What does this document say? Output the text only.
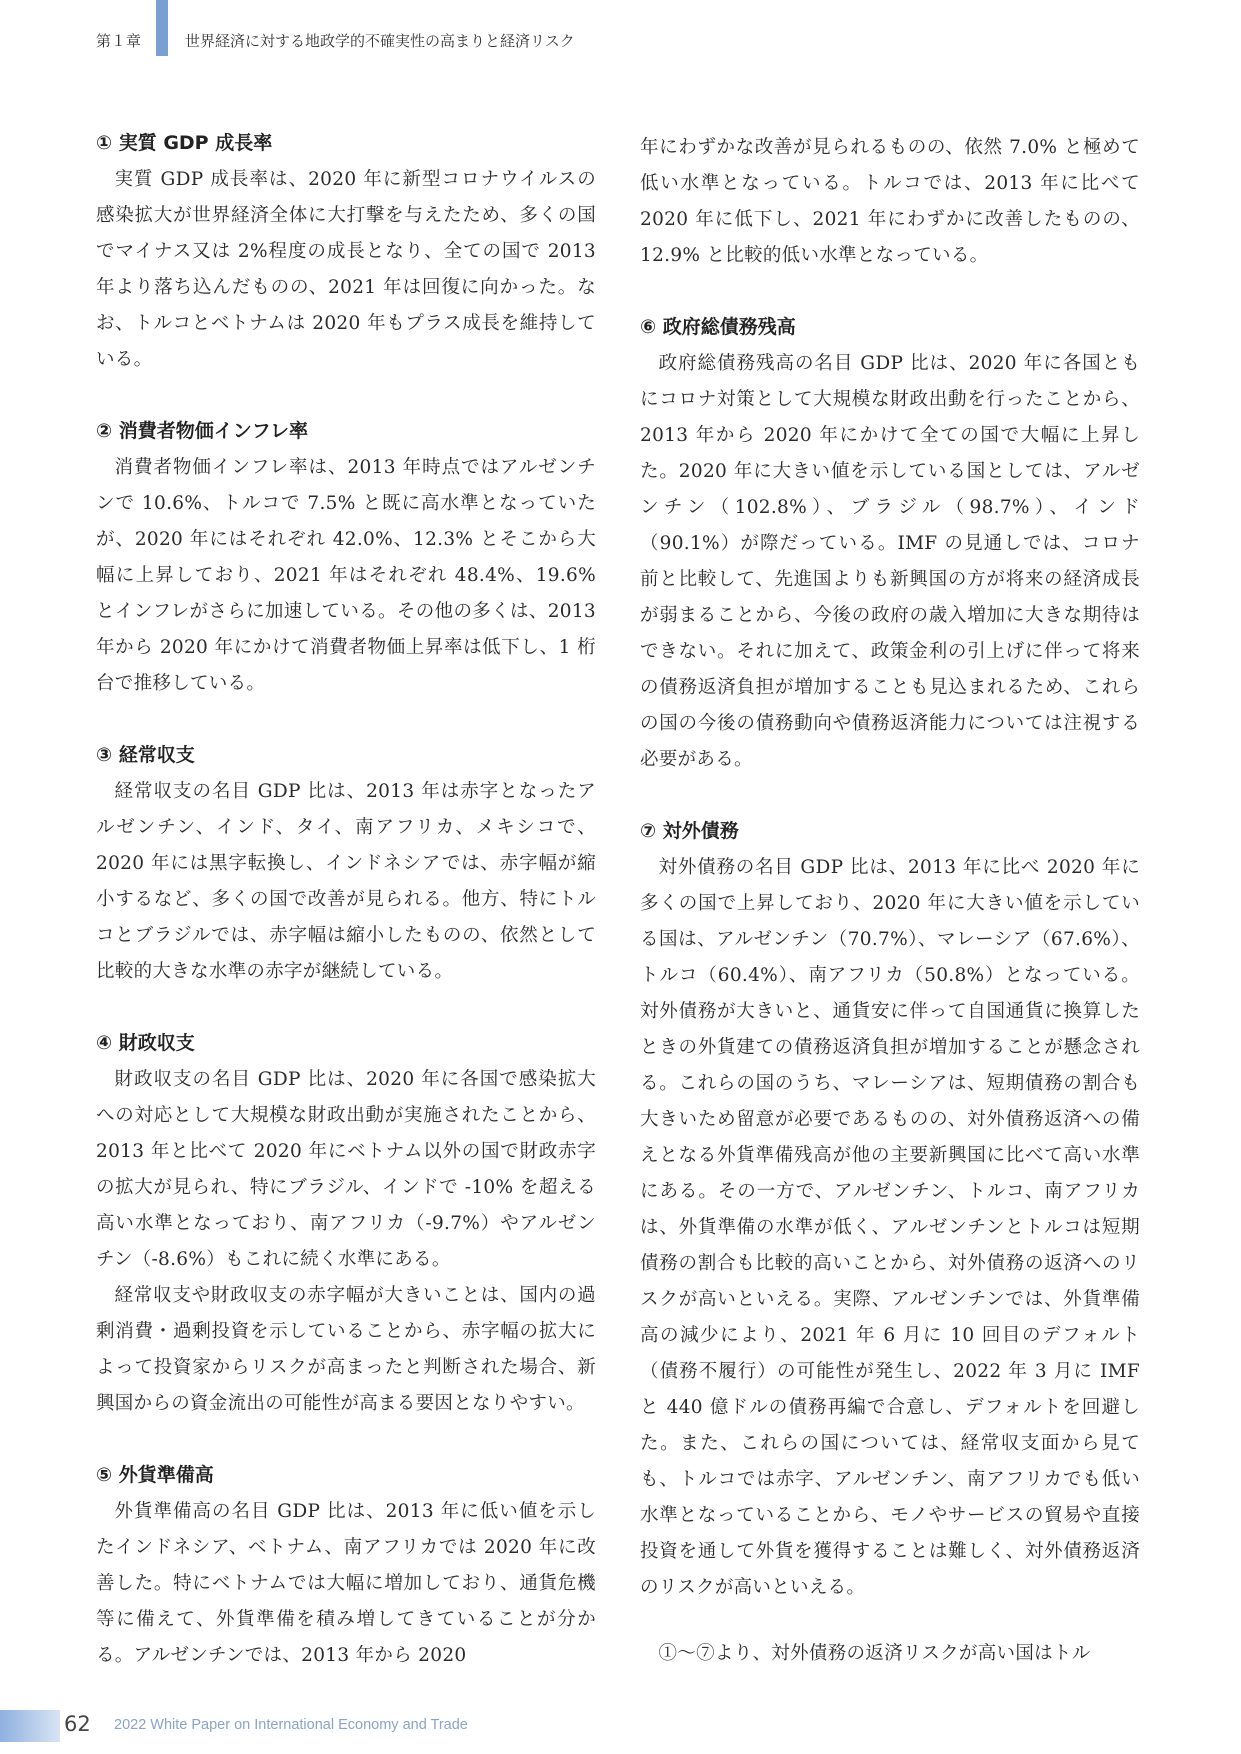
第１章	世界経済に対する地政学的不確実性の高まりと経済リスク
① 実質 GDP 成長率

実質 GDP 成長率は、2020 年に新型コロナウイルスの感染拡大が世界経済全体に大打撃を与えたため、多くの国でマイナス又は 2%程度の成長となり、全ての国で 2013 年より落ち込んだものの、2021 年は回復に向かった。なお、トルコとベトナムは 2020 年もプラス成長を維持している。

② 消費者物価インフレ率

消費者物価インフレ率は、2013 年時点ではアルゼンチンで 10.6%、トルコで 7.5% と既に高水準となっていたが、2020 年にはそれぞれ 42.0%、12.3% とそこから大幅に上昇しており、2021 年はそれぞれ 48.4%、19.6% とインフレがさらに加速している。その他の多くは、2013 年から 2020 年にかけて消費者物価上昇率は低下し、1 桁台で推移している。

③ 経常収支

経常収支の名目 GDP 比は、2013 年は赤字となったアルゼンチン、インド、タイ、南アフリカ、メキシコで、2020 年には黒字転換し、インドネシアでは、赤字幅が縮小するなど、多くの国で改善が見られる。他方、特にトルコとブラジルでは、赤字幅は縮小したものの、依然として比較的大きな水準の赤字が継続している。

④ 財政収支

財政収支の名目 GDP 比は、2020 年に各国で感染拡大への対応として大規模な財政出動が実施されたことから、2013 年と比べて 2020 年にベトナム以外の国で財政赤字の拡大が見られ、特にブラジル、インドで -10% を超える高い水準となっており、南アフリカ（-9.7%）やアルゼンチン（-8.6%）もこれに続く水準にある。

経常収支や財政収支の赤字幅が大きいことは、国内の過剰消費・過剰投資を示していることから、赤字幅の拡大によって投資家からリスクが高まったと判断された場合、新興国からの資金流出の可能性が高まる要因となりやすい。

⑤ 外貨準備高

外貨準備高の名目 GDP 比は、2013 年に低い値を示したインドネシア、ベトナム、南アフリカでは 2020 年に改善した。特にベトナムでは大幅に増加しており、通貨危機等に備えて、外貨準備を積み増してきていることが分かる。アルゼンチンでは、2013 年から 2020

年にわずかな改善が見られるものの、依然 7.0% と極めて低い水準となっている。トルコでは、2013 年に比べて 2020 年に低下し、2021 年にわずかに改善したものの、12.9% と比較的低い水準となっている。

⑥ 政府総債務残高

政府総債務残高の名目 GDP 比は、2020 年に各国ともにコロナ対策として大規模な財政出動を行ったことから、2013 年から 2020 年にかけて全ての国で大幅に上昇した。2020 年に大きい値を示している国としては、アルゼンチン（102.8%）、ブラジル（98.7%）、インド（90.1%）が際だっている。IMF の見通しでは、コロナ前と比較して、先進国よりも新興国の方が将来の経済成長が弱まることから、今後の政府の歳入増加に大きな期待はできない。それに加えて、政策金利の引上げに伴って将来の債務返済負担が増加することも見込まれるため、これらの国の今後の債務動向や債務返済能力については注視する必要がある。

⑦ 対外債務

対外債務の名目 GDP 比は、2013 年に比べ 2020 年に多くの国で上昇しており、2020 年に大きい値を示している国は、アルゼンチン（70.7%）、マレーシア（67.6%）、トルコ（60.4%）、南アフリカ（50.8%）となっている。対外債務が大きいと、通貨安に伴って自国通貨に換算したときの外貨建ての債務返済負担が増加することが懸念される。これらの国のうち、マレーシアは、短期債務の割合も大きいため留意が必要であるものの、対外債務返済への備えとなる外貨準備残高が他の主要新興国に比べて高い水準にある。その一方で、アルゼンチン、トルコ、南アフリカは、外貨準備の水準が低く、アルゼンチンとトルコは短期債務の割合も比較的高いことから、対外債務の返済へのリスクが高いといえる。実際、アルゼンチンでは、外貨準備高の減少により、2021 年 6 月に 10 回目のデフォルト（債務不履行）の可能性が発生し、2022 年 3 月に IMF と 440 億ドルの債務再編で合意し、デフォルトを回避した。また、これらの国については、経常収支面から見ても、トルコでは赤字、アルゼンチン、南アフリカでも低い水準となっていることから、モノやサービスの貿易や直接投資を通して外貨を獲得することは難しく、対外債務返済のリスクが高いといえる。

①～⑦より、対外債務の返済リスクが高い国はトル

62 2022 White Paper on International Economy and Trade
